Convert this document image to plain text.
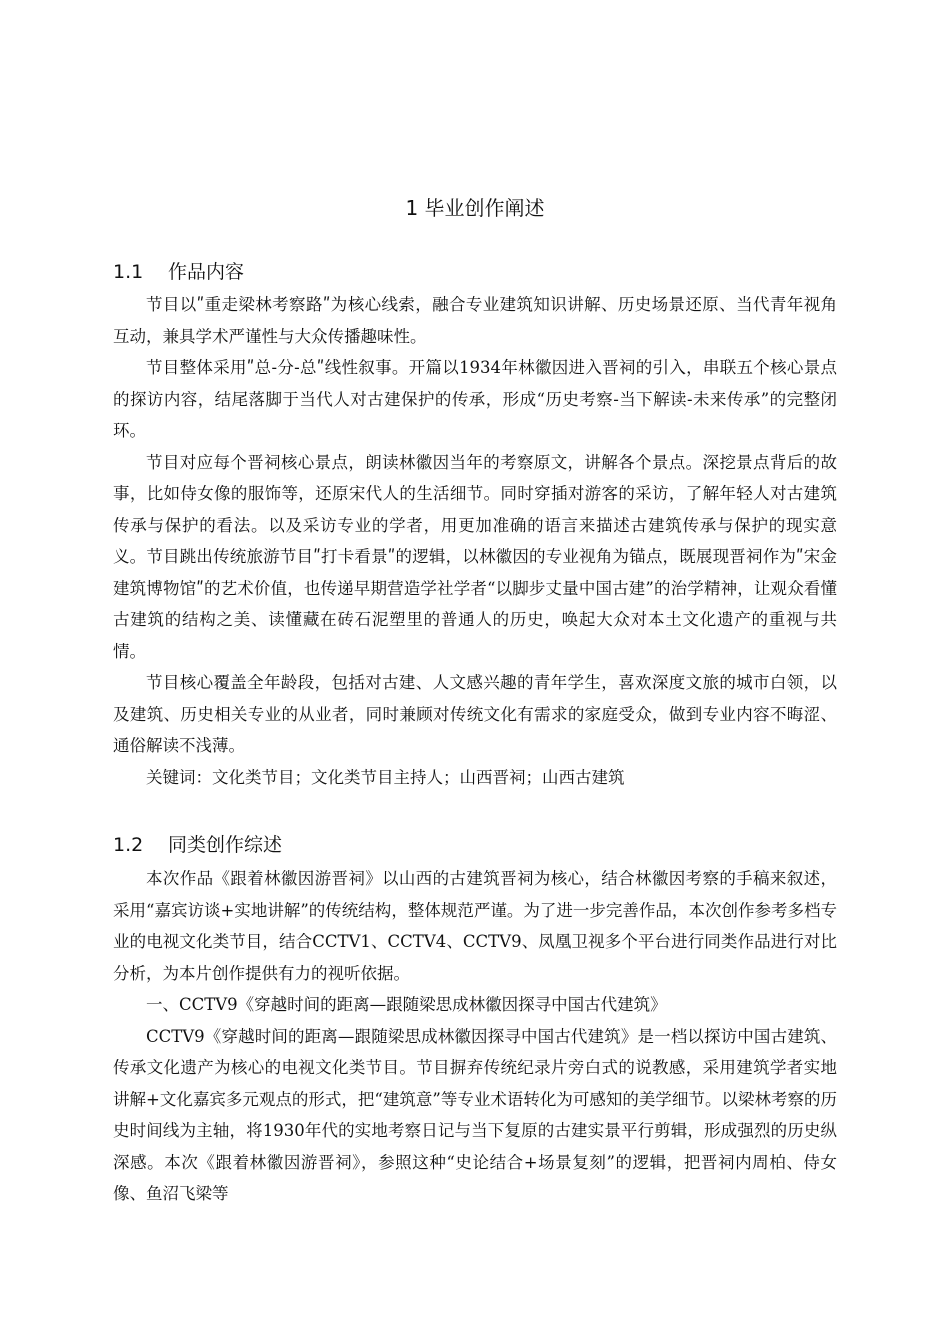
1 毕业创作阐述
1.1 作品内容

节目以ʺ重走梁林考察路ʺ为核心线索，融合专业建筑知识讲解、历史场景还原、当代青年视角互动，兼具学术严谨性与大众传播趣味性。

节目整体采用ʺ总-分-总ʺ线性叙事。开篇以1934年林徽因进入晋祠的引入，串联五个核心景点的探访内容，结尾落脚于当代人对古建保护的传承，形成“历史考察-当下解读-未来传承”的完整闭环。

节目对应每个晋祠核心景点，朗读林徽因当年的考察原文，讲解各个景点。深挖景点背后的故事，比如侍女像的服饰等，还原宋代人的生活细节。同时穿插对游客的采访，了解年轻人对古建筑传承与保护的看法。以及采访专业的学者，用更加准确的语言来描述古建筑传承与保护的现实意义。节目跳出传统旅游节目ʺ打卡看景ʺ的逻辑，以林徽因的专业视角为锚点，既展现晋祠作为ʺ宋金建筑博物馆ʺ的艺术价值，也传递早期营造学社学者“以脚步丈量中国古建”的治学精神，让观众看懂古建筑的结构之美、读懂藏在砖石泥塑里的普通人的历史，唤起大众对本土文化遗产的重视与共情。

节目核心覆盖全年龄段，包括对古建、人文感兴趣的青年学生，喜欢深度文旅的城市白领，以及建筑、历史相关专业的从业者，同时兼顾对传统文化有需求的家庭受众，做到专业内容不晦涩、通俗解读不浅薄。

关键词：文化类节目；文化类节目主持人；山西晋祠；山西古建筑

1.2 同类创作综述

本次作品《跟着林徽因游晋祠》以山西的古建筑晋祠为核心，结合林徽因考察的手稿来叙述，采用“嘉宾访谈+实地讲解”的传统结构，整体规范严谨。为了进一步完善作品，本次创作参考多档专业的电视文化类节目，结合CCTV1、CCTV4、CCTV9、凤凰卫视多个平台进行同类作品进行对比分析，为本片创作提供有力的视听依据。

一、CCTV9《穿越时间的距离—跟随梁思成林徽因探寻中国古代建筑》

CCTV9《穿越时间的距离—跟随梁思成林徽因探寻中国古代建筑》是一档以探访中国古建筑、传承文化遗产为核心的电视文化类节目。节目摒弃传统纪录片旁白式的说教感，采用建筑学者实地讲解+文化嘉宾多元观点的形式，把“建筑意”等专业术语转化为可感知的美学细节。以梁林考察的历史时间线为主轴，将1930年代的实地考察日记与当下复原的古建实景平行剪辑，形成强烈的历史纵深感。本次《跟着林徽因游晋祠》，参照这种“史论结合+场景复刻”的逻辑，把晋祠内周柏、侍女像、鱼沼飞梁等
